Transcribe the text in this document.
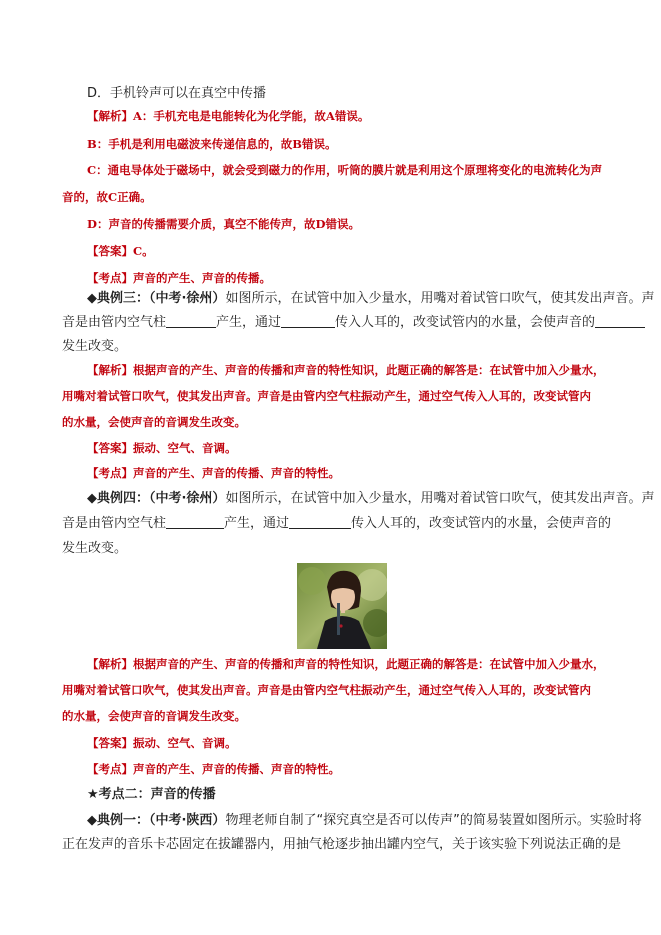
D．手机铃声可以在真空中传播
【解析】A：手机充电是电能转化为化学能，故A错误。
B：手机是利用电磁波来传递信息的，故B错误。
C：通电导体处于磁场中，就会受到磁力的作用，听筒的膜片就是利用这个原理将变化的电流转化为声
音的，故C正确。
D：声音的传播需要介质，真空不能传声，故D错误。
【答案】C。
【考点】声音的产生、声音的传播。
◆典例三：（中考·徐州）如图所示，在试管中加入少量水，用嘴对着试管口吹气，使其发出声音。声
音是由管内空气柱	产生，通过	传入人耳的，改变试管内的水量，会使声音的
发生改变。
【解析】根据声音的产生、声音的传播和声音的特性知识，此题正确的解答是：在试管中加入少量水，
用嘴对着试管口吹气，使其发出声音。声音是由管内空气柱振动产生，通过空气传入人耳的，改变试管内
的水量，会使声音的音调发生改变。
【答案】振动、空气、音调。
【考点】声音的产生、声音的传播、声音的特性。
◆典例四：（中考·徐州）如图所示，在试管中加入少量水，用嘴对着试管口吹气，使其发出声音。声
音是由管内空气柱	产生，通过	传入人耳的，改变试管内的水量，会使声音的
发生改变。
【解析】根据声音的产生、声音的传播和声音的特性知识，此题正确的解答是：在试管中加入少量水，
用嘴对着试管口吹气，使其发出声音。声音是由管内空气柱振动产生，通过空气传入人耳的，改变试管内
的水量，会使声音的音调发生改变。
【答案】振动、空气、音调。
【考点】声音的产生、声音的传播、声音的特性。
★考点二：声音的传播
◆典例一：（中考·陕西）物理老师自制了“探究真空是否可以传声”的简易装置如图所示。实验时将
正在发声的音乐卡芯固定在拔罐器内，用抽气枪逐步抽出罐内空气，关于该实验下列说法正确的是
